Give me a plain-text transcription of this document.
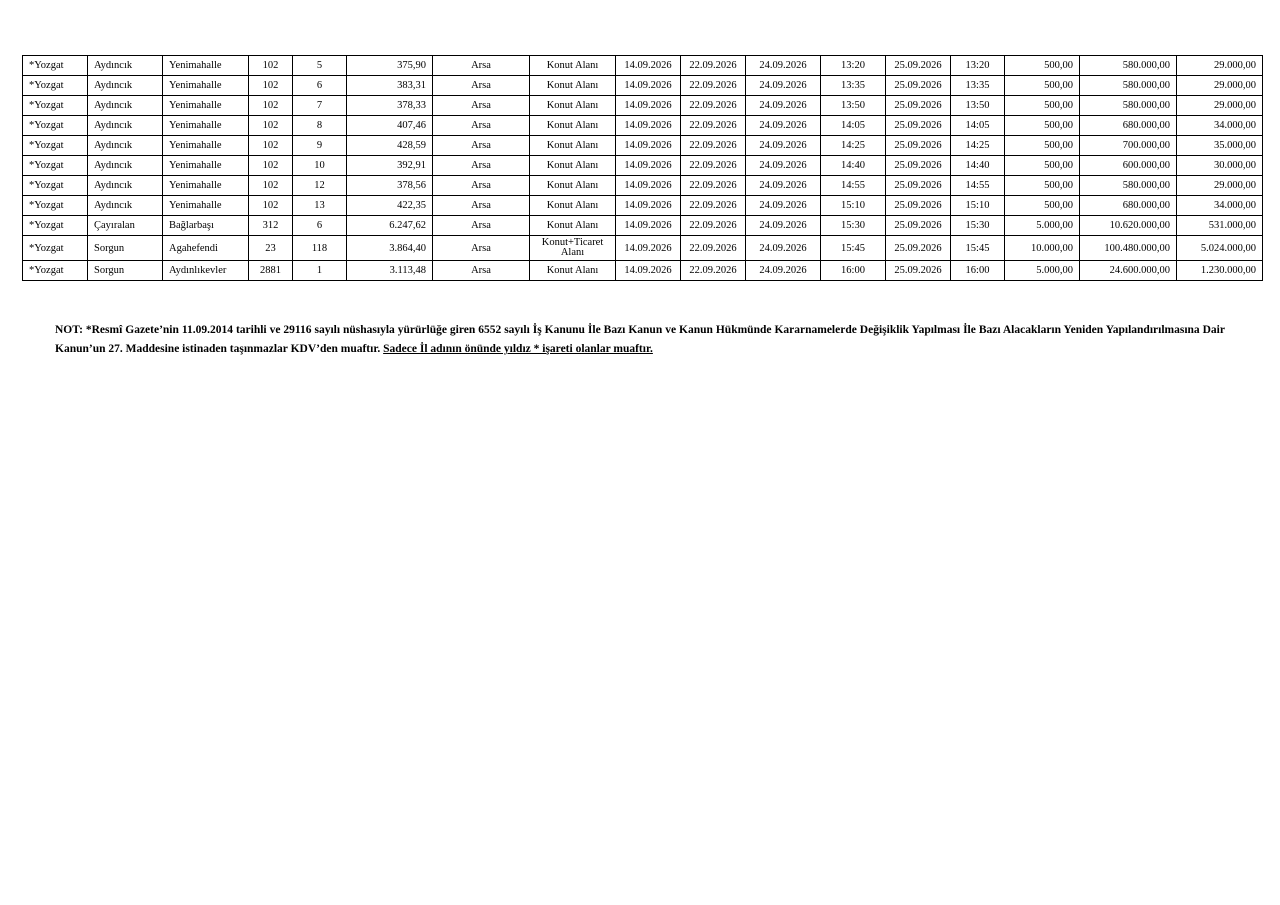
*Yozgat	Aydıncık	Yenimahalle	102	5	375,90	Arsa	Konut Alanı	14.09.2026	22.09.2026	24.09.2026	13:20	25.09.2026	13:20	500,00	580.000,00	29.000,00
*Yozgat	Aydıncık	Yenimahalle	102	6	383,31	Arsa	Konut Alanı	14.09.2026	22.09.2026	24.09.2026	13:35	25.09.2026	13:35	500,00	580.000,00	29.000,00
*Yozgat	Aydıncık	Yenimahalle	102	7	378,33	Arsa	Konut Alanı	14.09.2026	22.09.2026	24.09.2026	13:50	25.09.2026	13:50	500,00	580.000,00	29.000,00
*Yozgat	Aydıncık	Yenimahalle	102	8	407,46	Arsa	Konut Alanı	14.09.2026	22.09.2026	24.09.2026	14:05	25.09.2026	14:05	500,00	680.000,00	34.000,00
*Yozgat	Aydıncık	Yenimahalle	102	9	428,59	Arsa	Konut Alanı	14.09.2026	22.09.2026	24.09.2026	14:25	25.09.2026	14:25	500,00	700.000,00	35.000,00
*Yozgat	Aydıncık	Yenimahalle	102	10	392,91	Arsa	Konut Alanı	14.09.2026	22.09.2026	24.09.2026	14:40	25.09.2026	14:40	500,00	600.000,00	30.000,00
*Yozgat	Aydıncık	Yenimahalle	102	12	378,56	Arsa	Konut Alanı	14.09.2026	22.09.2026	24.09.2026	14:55	25.09.2026	14:55	500,00	580.000,00	29.000,00
*Yozgat	Aydıncık	Yenimahalle	102	13	422,35	Arsa	Konut Alanı	14.09.2026	22.09.2026	24.09.2026	15:10	25.09.2026	15:10	500,00	680.000,00	34.000,00
*Yozgat	Çayıralan	Bağlarbaşı	312	6	6.247,62	Arsa	Konut Alanı	14.09.2026	22.09.2026	24.09.2026	15:30	25.09.2026	15:30	5.000,00	10.620.000,00	531.000,00
*Yozgat	Sorgun	Agahefendi	23	118	3.864,40	Arsa	Konut+Ticaret Alanı	14.09.2026	22.09.2026	24.09.2026	15:45	25.09.2026	15:45	10.000,00	100.480.000,00	5.024.000,00
*Yozgat	Sorgun	Aydınlıkevler	2881	1	3.113,48	Arsa	Konut Alanı	14.09.2026	22.09.2026	24.09.2026	16:00	25.09.2026	16:00	5.000,00	24.600.000,00	1.230.000,00

NOT: *Resmî Gazete’nin 11.09.2014 tarihli ve 29116 sayılı nüshasıyla yürürlüğe giren 6552 sayılı İş Kanunu İle Bazı Kanun ve Kanun Hükmünde Kararnamelerde Değişiklik Yapılması İle Bazı Alacakların Yeniden Yapılandırılmasına Dair Kanun’un 27. Maddesine istinaden taşınmazlar KDV’den muaftır. Sadece İl adının önünde yıldız * işareti olanlar muaftır.
